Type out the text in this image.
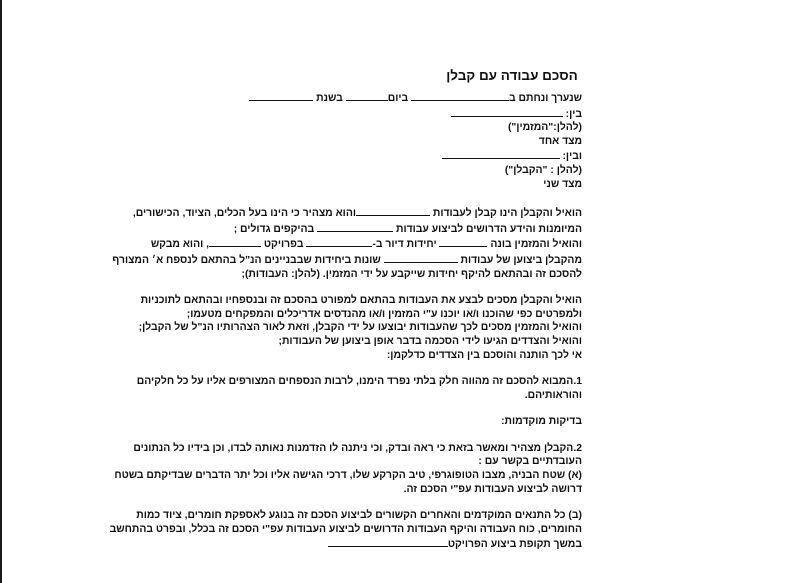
הסכם עבודה עם קבלן
שנערך ונחתם ב ביום בשנת
בין:
(להלן:"המזמין")
מצד אחד
ובין:
(להלן : "הקבלן")
מצד שני
הואיל והקבלן הינו קבלן לעבודות והוא מצהיר כי הינו בעל הכלים, הציוד, הכישורים,
המיומנות והידע הדרושים לביצוע עבודות  בהיקפים גדולים ;
והואיל והמזמין בונה  יחידות דיור ב- בפרויקט , והוא מבקש
מהקבלן ביצוען של עבודות  שונות ביחידות שבבניינים הנ"ל בהתאם לנספח א׳ המצורף
להסכם זה ובהתאם להיקף יחידות שייקבע על ידי המזמין. (להלן: העבודות);
הואיל והקבלן מסכים לבצע את העבודות בהתאם למפורט בהסכם זה ובנספחיו ובהתאם לתוכניות
ולמפרטים כפי שהוכנו ו/או יוכנו ע"י המזמין ו/או מהנדסים אדריכלים והמפקחים מטעמו;
והואיל והמזמין מסכים לכך שהעבודות יבוצעו על ידי הקבלן, וזאת לאור הצהרותיו הנ"ל של הקבלן;
והואיל והצדדים הגיעו לידי הסכמה בדבר אופן ביצוען של העבודות;
אי לכך הותנה והוסכם בין הצדדים כדלקמן:
1.המבוא להסכם זה מהווה חלק בלתי נפרד הימנו, לרבות הנספחים המצורפים אליו על כל חלקיהם
והוראותיהם.
בדיקות מוקדמות:
2.הקבלן מצהיר ומאשר בזאת כי ראה ובדק, וכי ניתנה לו הזדמנות נאותה לבדו, וכן בידיו כל הנתונים
העובדתיים בקשר עם :
(א) שטח הבניה, מצבו הטופוגרפי, טיב הקרקע שלו, דרכי הגישה אליו וכל יתר הדברים שבדיקתם בשטח
דרושה לביצוע העבודות עפ"י הסכם זה.
(ב) כל התנאים המוקדמים והאחרים הקשורים לביצוע הסכם זה בנוגע לאספקת חומרים, ציוד כמות
החומרים, כוח העבודה והיקף העבודות הדרושים לביצוע העבודות עפ"י הסכם זה בכלל, ובפרט בהתחשב
במשך תקופת ביצוע הפרויקט
